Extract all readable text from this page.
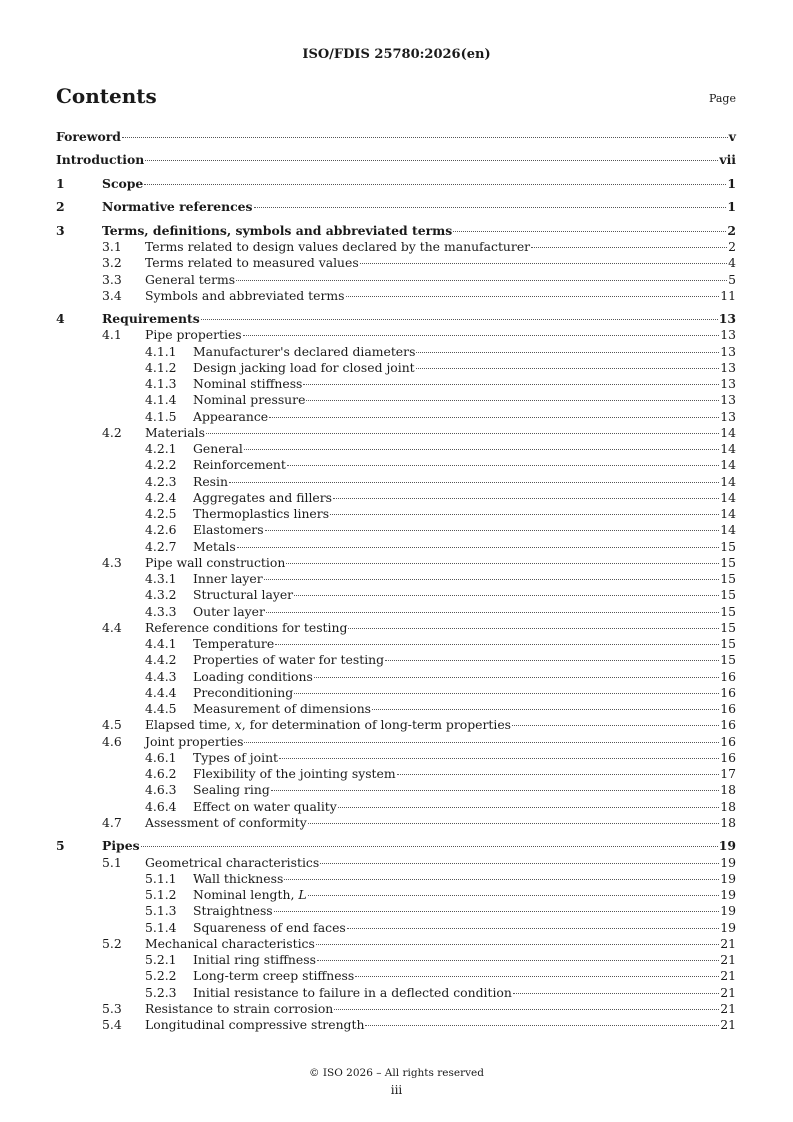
ISO/FDIS 25780:2026(en)
Contents	Page
Foreword	v
Introduction	vii
1	Scope	1
2	Normative references	1
3	Terms, definitions, symbols and abbreviated terms	2
3.1	Terms related to design values declared by the manufacturer	2
3.2	Terms related to measured values	4
3.3	General terms	5
3.4	Symbols and abbreviated terms	11
4	Requirements	13
4.1	Pipe properties	13
4.1.1	Manufacturer's declared diameters	13
4.1.2	Design jacking load for closed joint	13
4.1.3	Nominal stiffness	13
4.1.4	Nominal pressure	13
4.1.5	Appearance	13
4.2	Materials	14
4.2.1	General	14
4.2.2	Reinforcement	14
4.2.3	Resin	14
4.2.4	Aggregates and fillers	14
4.2.5	Thermoplastics liners	14
4.2.6	Elastomers	14
4.2.7	Metals	15
4.3	Pipe wall construction	15
4.3.1	Inner layer	15
4.3.2	Structural layer	15
4.3.3	Outer layer	15
4.4	Reference conditions for testing	15
4.4.1	Temperature	15
4.4.2	Properties of water for testing	15
4.4.3	Loading conditions	16
4.4.4	Preconditioning	16
4.4.5	Measurement of dimensions	16
4.5	Elapsed time, x, for determination of long-term properties	16
4.6	Joint properties	16
4.6.1	Types of joint	16
4.6.2	Flexibility of the jointing system	17
4.6.3	Sealing ring	18
4.6.4	Effect on water quality	18
4.7	Assessment of conformity	18
5	Pipes	19
5.1	Geometrical characteristics	19
5.1.1	Wall thickness	19
5.1.2	Nominal length, L	19
5.1.3	Straightness	19
5.1.4	Squareness of end faces	19
5.2	Mechanical characteristics	21
5.2.1	Initial ring stiffness	21
5.2.2	Long-term creep stiffness	21
5.2.3	Initial resistance to failure in a deflected condition	21
5.3	Resistance to strain corrosion	21
5.4	Longitudinal compressive strength	21
© ISO 2026 – All rights reserved
iii
